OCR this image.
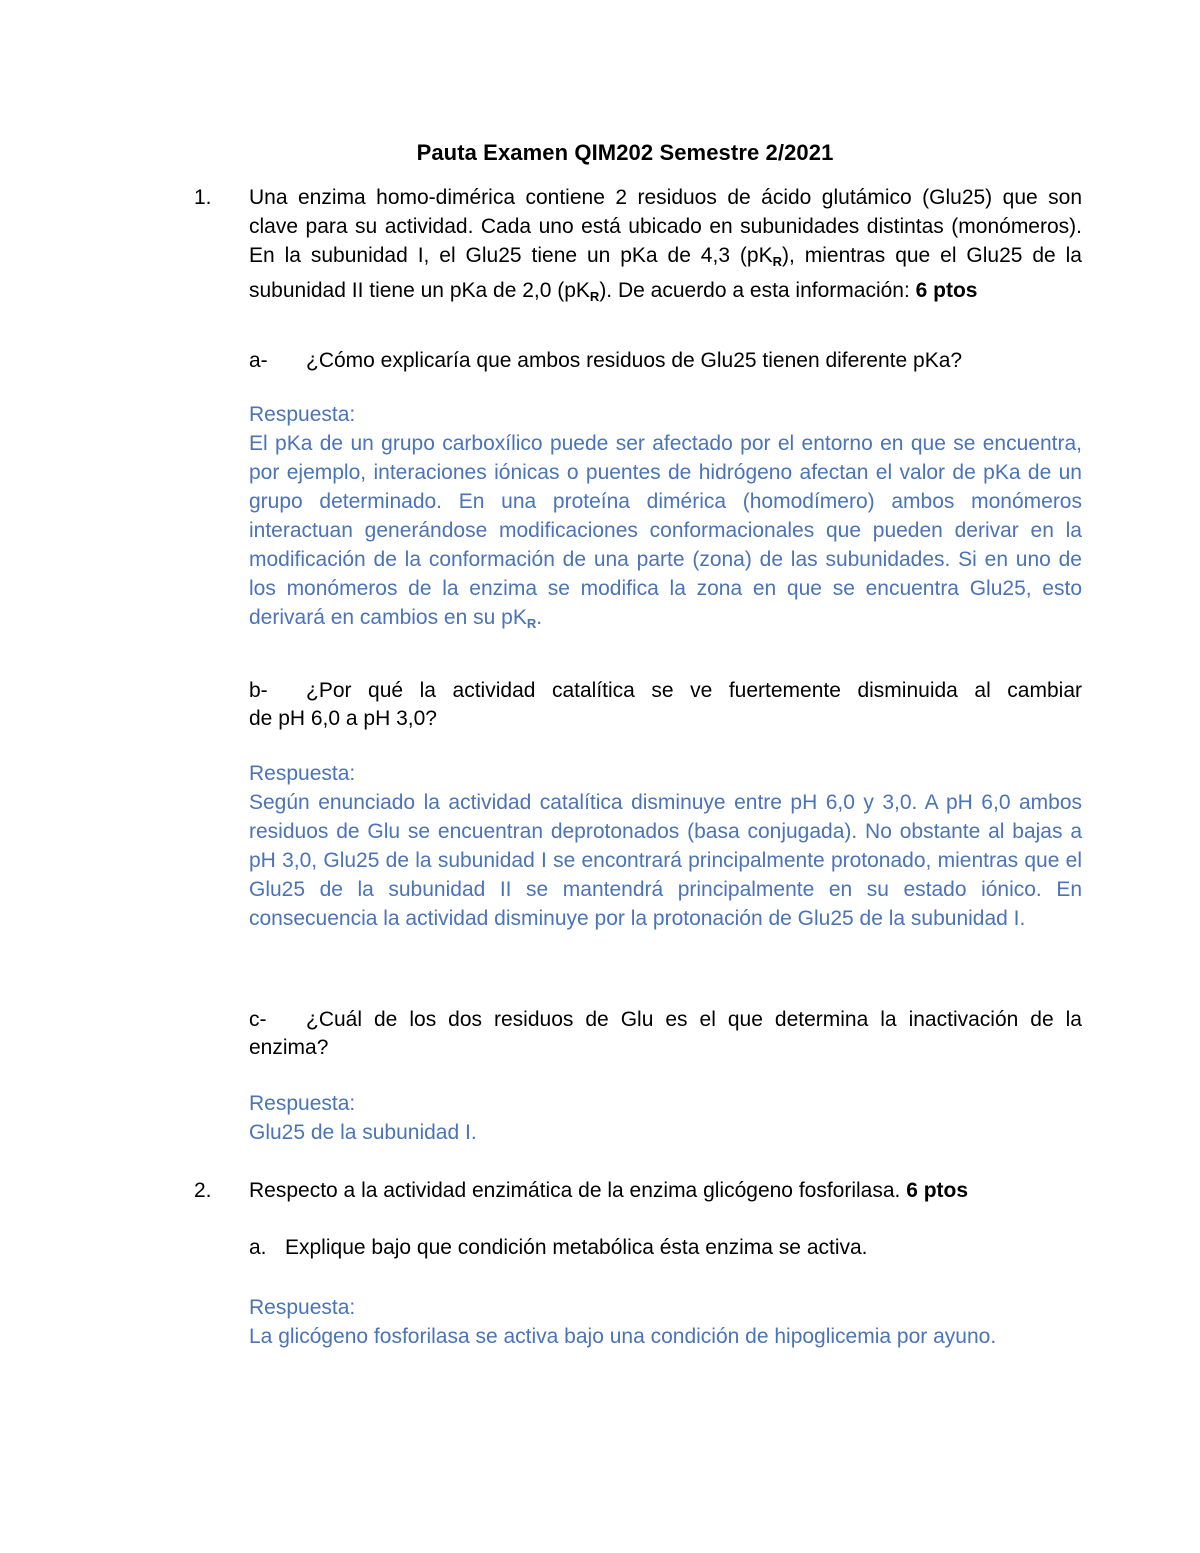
Pauta Examen QIM202 Semestre 2/2021
1. Una enzima homo-dimérica contiene 2 residuos de ácido glutámico (Glu25) que son clave para su actividad. Cada uno está ubicado en subunidades distintas (monómeros). En la subunidad I, el Glu25 tiene un pKa de 4,3 $(pK_R)$, mientras que el Glu25 de la subunidad II tiene un pKa de 2,0 $(pK_R)$. De acuerdo a esta información: 6 ptos
a- ¿Cómo explicaría que ambos residuos de Glu25 tienen diferente pKa?
Respuesta:
El pKa de un grupo carboxílico puede ser afectado por el entorno en que se encuentra, por ejemplo, interaciones iónicas o puentes de hidrógeno afectan el valor de pKa de un grupo determinado. En una proteína dimérica (homodímero) ambos monómeros interactuan generándose modificaciones conformacionales que pueden derivar en la modificación de la conformación de una parte (zona) de las subunidades. Si en uno de los monómeros de la enzima se modifica la zona en que se encuentra Glu25, esto derivará en cambios en su $pK_R$.
b- ¿Por qué la actividad catalítica se ve fuertemente disminuida al cambiar
de pH 6,0 a pH 3,0?
Respuesta:
Según enunciado la actividad catalítica disminuye entre pH 6,0 y 3,0. A pH 6,0 ambos residuos de Glu se encuentran deprotonados (basa conjugada). No obstante al bajas a pH 3,0, Glu25 de la subunidad I se encontrará principalmente protonado, mientras que el Glu25 de la subunidad II se mantendrá principalmente en su estado iónico. En consecuencia la actividad disminuye por la protonación de Glu25 de la subunidad I.
c- ¿Cuál de los dos residuos de Glu es el que determina la inactivación de la
enzima?
Respuesta:
Glu25 de la subunidad I.
2. Respecto a la actividad enzimática de la enzima glicógeno fosforilasa. 6 ptos
a. Explique bajo que condición metabólica ésta enzima se activa.
Respuesta:
La glicógeno fosforilasa se activa bajo una condición de hipoglicemia por ayuno.
